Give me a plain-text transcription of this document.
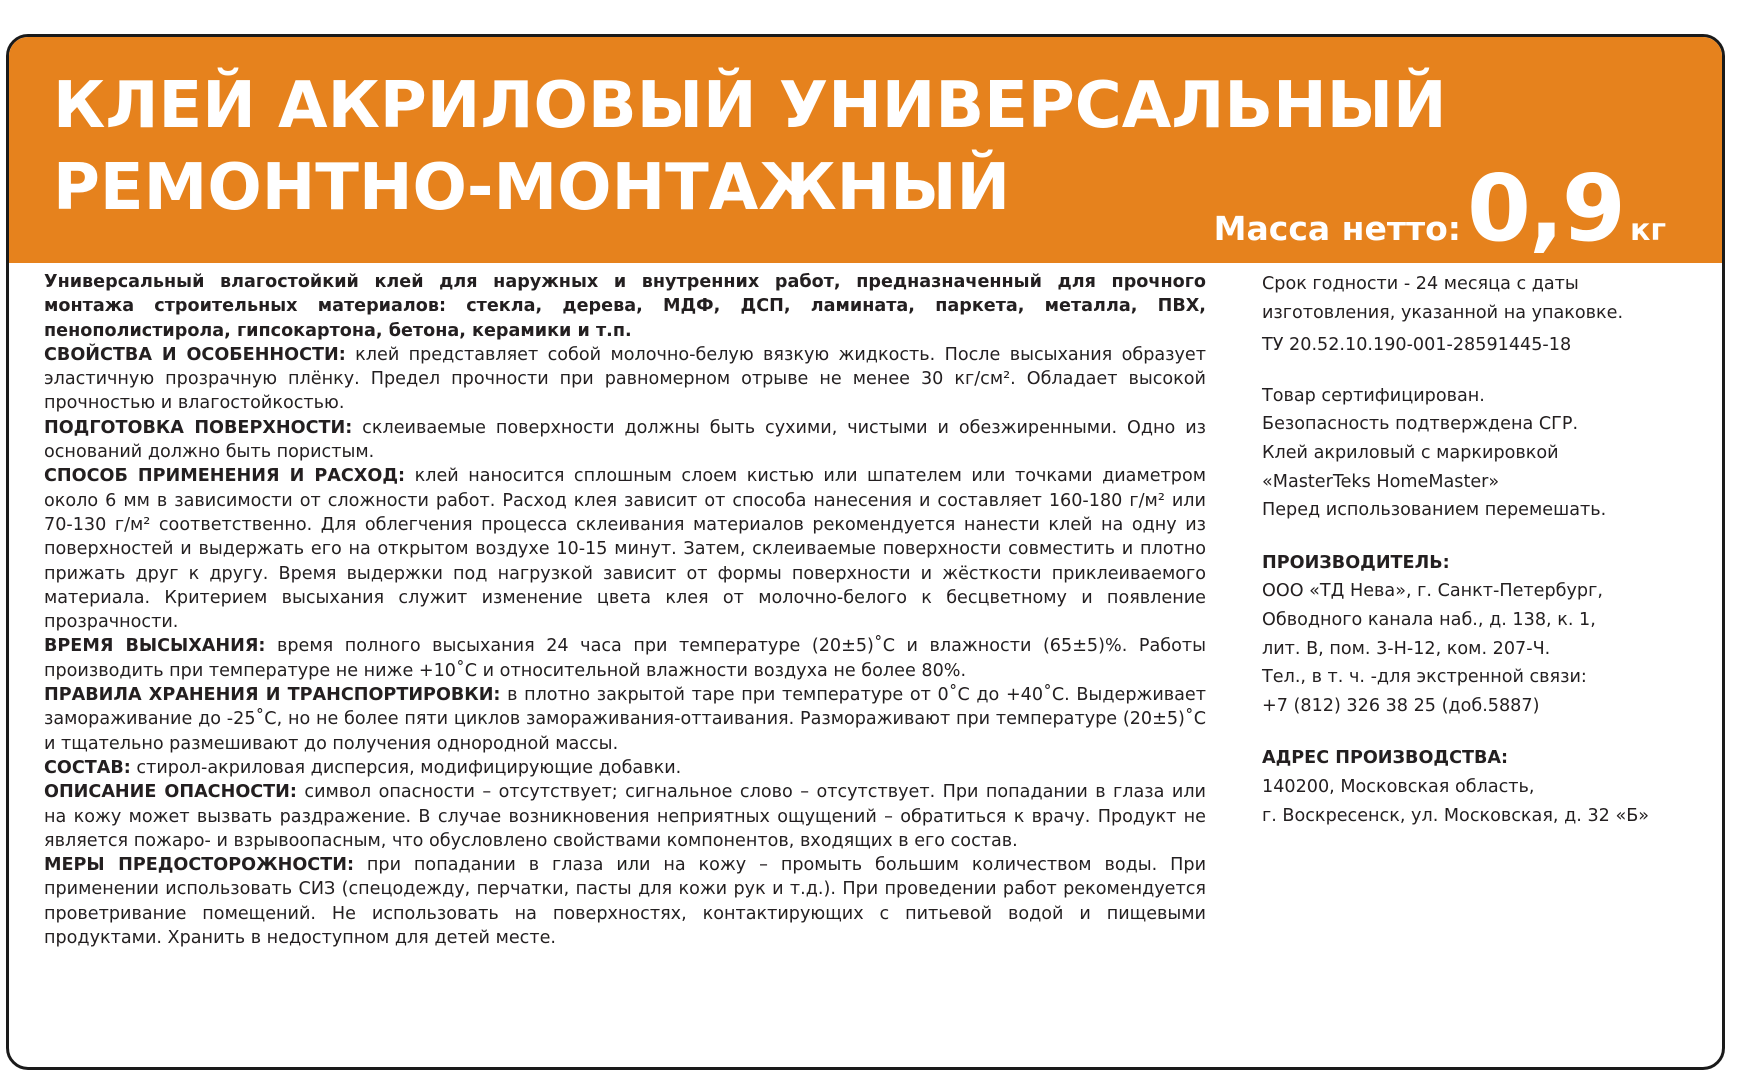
КЛЕЙ АКРИЛОВЫЙ УНИВЕРСАЛЬНЫЙ
РЕМОНТНО-МОНТАЖНЫЙ
Масса нетто: 0,9 кг

Универсальный влагостойкий клей для наружных и внутренних работ, предназначенный для прочного монтажа строительных материалов: стекла, дерева, МДФ, ДСП, ламината, паркета, металла, ПВХ, пенополистирола, гипсокартона, бетона, керамики и т.п.

СВОЙСТВА И ОСОБЕННОСТИ: клей представляет собой молочно-белую вязкую жидкость. После высыхания образует эластичную прозрачную плёнку. Предел прочности при равномерном отрыве не менее 30 кг/см². Обладает высокой прочностью и влагостойкостью.

ПОДГОТОВКА ПОВЕРХНОСТИ: склеиваемые поверхности должны быть сухими, чистыми и обезжиренными. Одно из оснований должно быть пористым.

СПОСОБ ПРИМЕНЕНИЯ И РАСХОД: клей наносится сплошным слоем кистью или шпателем или точками диаметром около 6 мм в зависимости от сложности работ. Расход клея зависит от способа нанесения и составляет 160-180 г/м² или 70-130 г/м² соответственно. Для облегчения процесса склеивания материалов рекомендуется нанести клей на одну из поверхностей и выдержать его на открытом воздухе 10-15 минут. Затем, склеиваемые поверхности совместить и плотно прижать друг к другу. Время выдержки под нагрузкой зависит от формы поверхности и жёсткости приклеиваемого материала. Критерием высыхания служит изменение цвета клея от молочно-белого к бесцветному и появление прозрачности.

ВРЕМЯ ВЫСЫХАНИЯ: время полного высыхания 24 часа при температуре (20±5)˚С и влажности (65±5)%. Работы производить при температуре не ниже +10˚С и относительной влажности воздуха не более 80%.

ПРАВИЛА ХРАНЕНИЯ И ТРАНСПОРТИРОВКИ: в плотно закрытой таре при температуре от 0˚С до +40˚С. Выдерживает замораживание до -25˚С, но не более пяти циклов замораживания-оттаивания. Размораживают при температуре (20±5)˚С и тщательно размешивают до получения однородной массы.

СОСТАВ: стирол-акриловая дисперсия, модифицирующие добавки.

ОПИСАНИЕ ОПАСНОСТИ: символ опасности – отсутствует; сигнальное слово – отсутствует. При попадании в глаза или на кожу может вызвать раздражение. В случае возникновения неприятных ощущений – обратиться к врачу. Продукт не является пожаро- и взрывоопасным, что обусловлено свойствами компонентов, входящих в его состав.

МЕРЫ ПРЕДОСТОРОЖНОСТИ: при попадании в глаза или на кожу – промыть большим количеством воды. При применении использовать СИЗ (спецодежду, перчатки, пасты для кожи рук и т.д.). При проведении работ рекомендуется проветривание помещений. Не использовать на поверхностях, контактирующих с питьевой водой и пищевыми продуктами. Хранить в недоступном для детей месте.

Срок годности - 24 месяца с даты

изготовления, указанной на упаковке.

ТУ 20.52.10.190-001-28591445-18

Товар сертифицирован.

Безопасность подтверждена СГР.

Клей акриловый с маркировкой

«MasterTeks HomeMaster»

Перед использованием перемешать.

ПРОИЗВОДИТЕЛЬ:

ООО «ТД Нева», г. Санкт-Петербург,

Обводного канала наб., д. 138, к. 1,

лит. В, пом. 3-Н-12, ком. 207-Ч.

Тел., в т. ч. -для экстренной связи:

+7 (812) 326 38 25 (доб.5887)

АДРЕС ПРОИЗВОДСТВА:

140200, Московская область,

г. Воскресенск, ул. Московская, д. 32 «Б»
